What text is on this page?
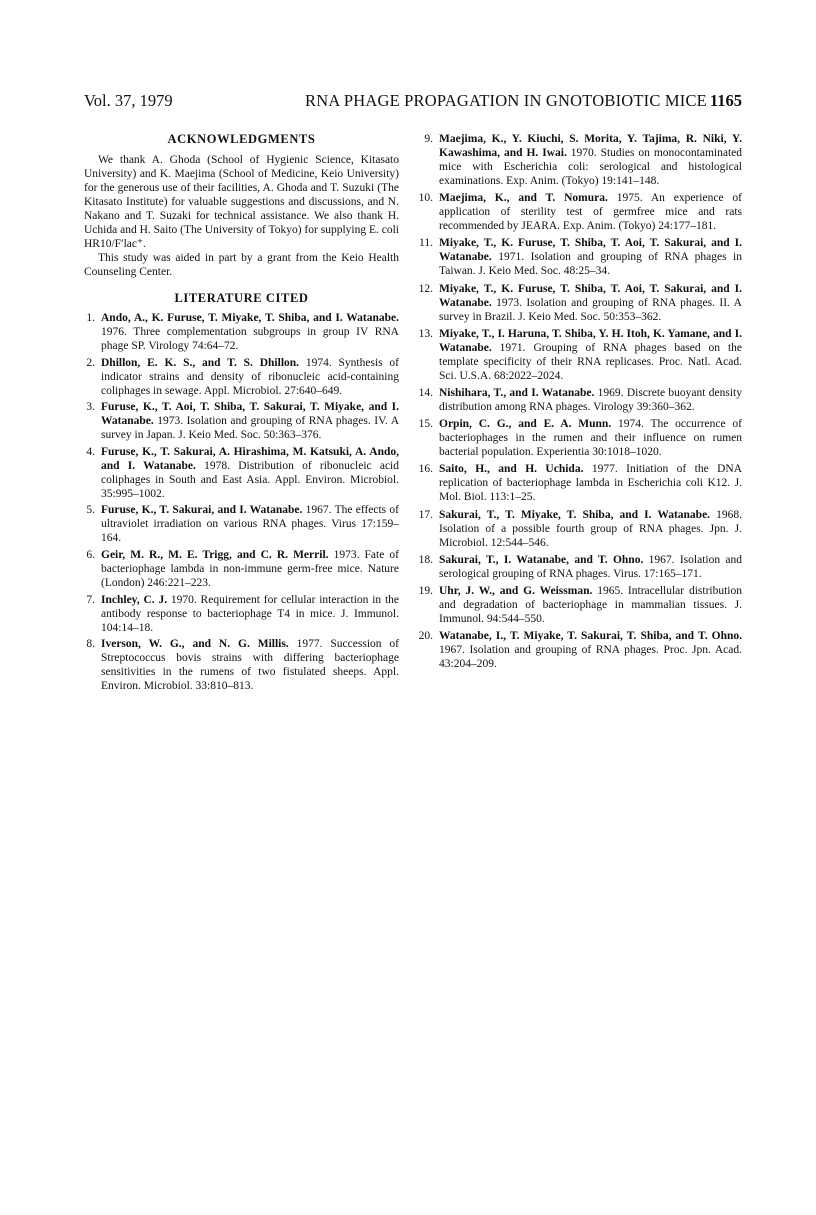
Vol. 37, 1979	RNA PHAGE PROPAGATION IN GNOTOBIOTIC MICE 1165
ACKNOWLEDGMENTS

We thank A. Ghoda (School of Hygienic Science, Kitasato University) and K. Maejima (School of Medicine, Keio University) for the generous use of their facilities, A. Ghoda and T. Suzuki (The Kitasato Institute) for valuable suggestions and discussions, and N. Nakano and T. Suzaki for technical assistance. We also thank H. Uchida and H. Saito (The University of Tokyo) for supplying E. coli HR10/F′lac⁺.

This study was aided in part by a grant from the Keio Health Counseling Center.

LITERATURE CITED
1. Ando, A., K. Furuse, T. Miyake, T. Shiba, and I. Watanabe. 1976. Three complementation subgroups in group IV RNA phage SP. Virology 74:64–72.
2. Dhillon, E. K. S., and T. S. Dhillon. 1974. Synthesis of indicator strains and density of ribonucleic acid-containing coliphages in sewage. Appl. Microbiol. 27:640–649.
3. Furuse, K., T. Aoi, T. Shiba, T. Sakurai, T. Miyake, and I. Watanabe. 1973. Isolation and grouping of RNA phages. IV. A survey in Japan. J. Keio Med. Soc. 50:363–376.
4. Furuse, K., T. Sakurai, A. Hirashima, M. Katsuki, A. Ando, and I. Watanabe. 1978. Distribution of ribonucleic acid coliphages in South and East Asia. Appl. Environ. Microbiol. 35:995–1002.
5. Furuse, K., T. Sakurai, and I. Watanabe. 1967. The effects of ultraviolet irradiation on various RNA phages. Virus 17:159–164.
6. Geir, M. R., M. E. Trigg, and C. R. Merril. 1973. Fate of bacteriophage lambda in non-immune germ-free mice. Nature (London) 246:221–223.
7. Inchley, C. J. 1970. Requirement for cellular interaction in the antibody response to bacteriophage T4 in mice. J. Immunol. 104:14–18.
8. Iverson, W. G., and N. G. Millis. 1977. Succession of Streptococcus bovis strains with differing bacteriophage sensitivities in the rumens of two fistulated sheeps. Appl. Environ. Microbiol. 33:810–813.
9. Maejima, K., Y. Kiuchi, S. Morita, Y. Tajima, R. Niki, Y. Kawashima, and H. Iwai. 1970. Studies on monocontaminated mice with Escherichia coli: serological and histological examinations. Exp. Anim. (Tokyo) 19:141–148.
10. Maejima, K., and T. Nomura. 1975. An experience of application of sterility test of germfree mice and rats recommended by JEARA. Exp. Anim. (Tokyo) 24:177–181.
11. Miyake, T., K. Furuse, T. Shiba, T. Aoi, T. Sakurai, and I. Watanabe. 1971. Isolation and grouping of RNA phages in Taiwan. J. Keio Med. Soc. 48:25–34.
12. Miyake, T., K. Furuse, T. Shiba, T. Aoi, T. Sakurai, and I. Watanabe. 1973. Isolation and grouping of RNA phages. II. A survey in Brazil. J. Keio Med. Soc. 50:353–362.
13. Miyake, T., I. Haruna, T. Shiba, Y. H. Itoh, K. Yamane, and I. Watanabe. 1971. Grouping of RNA phages based on the template specificity of their RNA replicases. Proc. Natl. Acad. Sci. U.S.A. 68:2022–2024.
14. Nishihara, T., and I. Watanabe. 1969. Discrete buoyant density distribution among RNA phages. Virology 39:360–362.
15. Orpin, C. G., and E. A. Munn. 1974. The occurrence of bacteriophages in the rumen and their influence on rumen bacterial population. Experientia 30:1018–1020.
16. Saito, H., and H. Uchida. 1977. Initiation of the DNA replication of bacteriophage lambda in Escherichia coli K12. J. Mol. Biol. 113:1–25.
17. Sakurai, T., T. Miyake, T. Shiba, and I. Watanabe. 1968. Isolation of a possible fourth group of RNA phages. Jpn. J. Microbiol. 12:544–546.
18. Sakurai, T., I. Watanabe, and T. Ohno. 1967. Isolation and serological grouping of RNA phages. Virus. 17:165–171.
19. Uhr, J. W., and G. Weissman. 1965. Intracellular distribution and degradation of bacteriophage in mammalian tissues. J. Immunol. 94:544–550.
20. Watanabe, I., T. Miyake, T. Sakurai, T. Shiba, and T. Ohno. 1967. Isolation and grouping of RNA phages. Proc. Jpn. Acad. 43:204–209.
